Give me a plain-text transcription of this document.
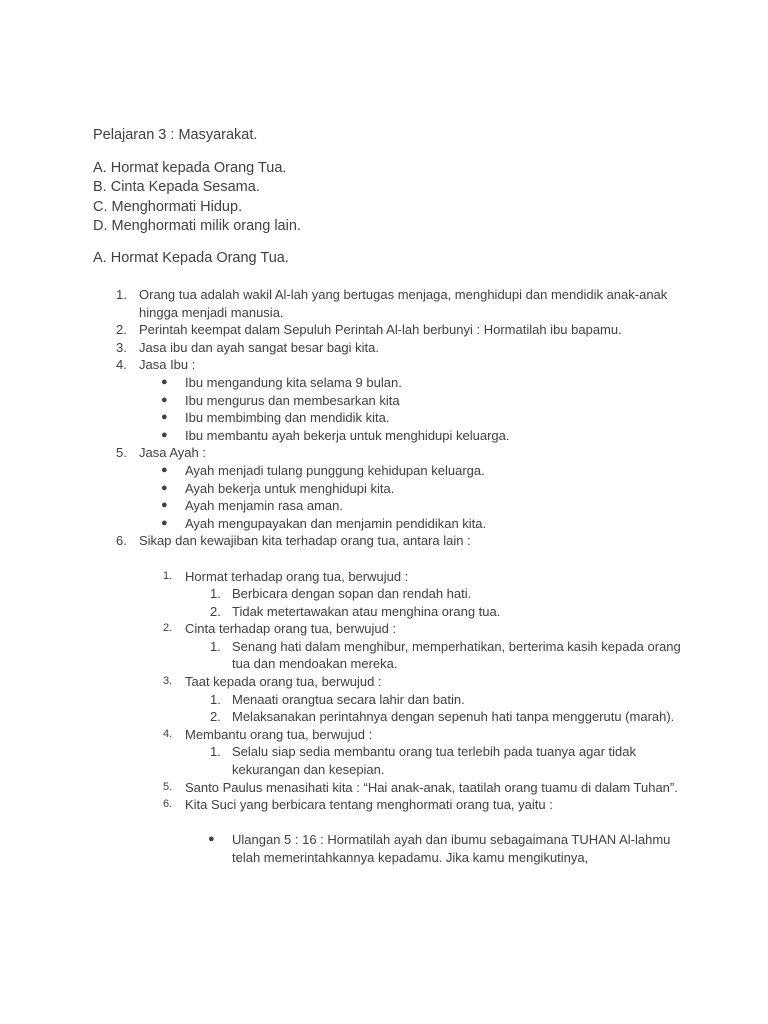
Pelajaran 3 : Masyarakat.

A. Hormat kepada Orang Tua.

B. Cinta Kepada Sesama.

C. Menghormati Hidup.

D. Menghormati milik orang lain.

A. Hormat Kepada Orang Tua.

1. Orang tua adalah wakil Al-lah yang bertugas menjaga, menghidupi dan mendidik anak-anak hingga menjadi manusia.
2. Perintah keempat dalam Sepuluh Perintah Al-lah berbunyi : Hormatilah ibu bapamu.
3. Jasa ibu dan ayah sangat besar bagi kita.
4. Jasa Ibu :
● Ibu mengandung kita selama 9 bulan.
● Ibu mengurus dan membesarkan kita
● Ibu membimbing dan mendidik kita.
● Ibu membantu ayah bekerja untuk menghidupi keluarga.
5. Jasa Ayah :
● Ayah menjadi tulang punggung kehidupan keluarga.
● Ayah bekerja untuk menghidupi kita.
● Ayah menjamin rasa aman.
● Ayah mengupayakan dan menjamin pendidikan kita.
6. Sikap dan kewajiban kita terhadap orang tua, antara lain :
1. Hormat terhadap orang tua, berwujud :
1. Berbicara dengan sopan dan rendah hati.
2. Tidak metertawakan atau menghina orang tua.
2. Cinta terhadap orang tua, berwujud :
1. Senang hati dalam menghibur, memperhatikan, berterima kasih kepada orang tua dan mendoakan mereka.
3. Taat kepada orang tua, berwujud :
1. Menaati orangtua secara lahir dan batin.
2. Melaksanakan perintahnya dengan sepenuh hati tanpa menggerutu (marah).
4. Membantu orang tua, berwujud :
1. Selalu siap sedia membantu orang tua terlebih pada tuanya agar tidak kekurangan dan kesepian.
5. Santo Paulus menasihati kita : “Hai anak-anak, taatilah orang tuamu di dalam Tuhan”.
6. Kita Suci yang berbicara tentang menghormati orang tua, yaitu :
● Ulangan 5 : 16 : Hormatilah ayah dan ibumu sebagaimana TUHAN Al-lahmu telah memerintahkannya kepadamu. Jika kamu mengikutinya,
